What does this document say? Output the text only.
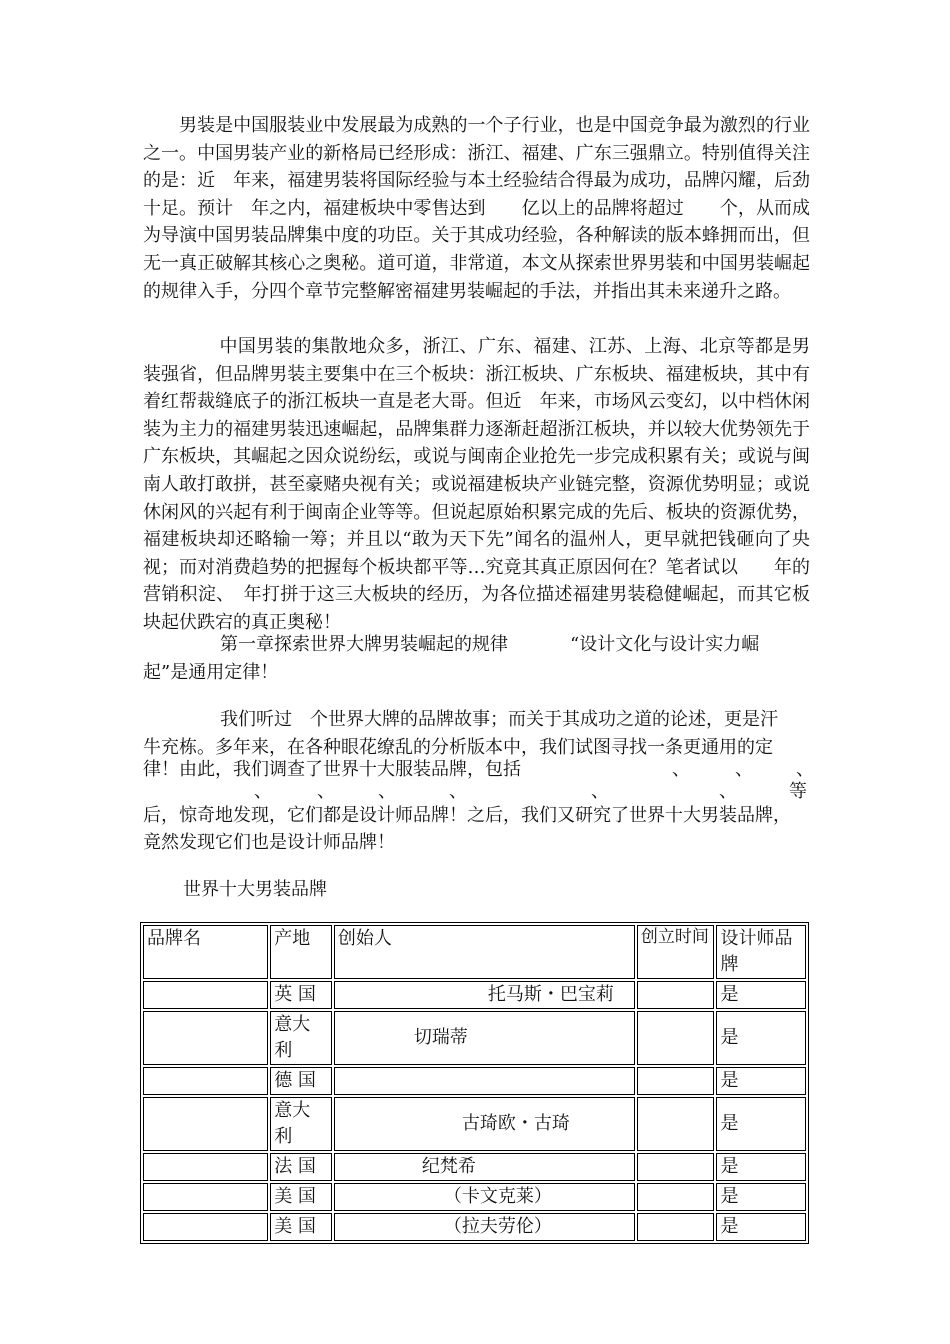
男装是中国服装业中发展最为成熟的一个子行业，也是中国竞争最为激烈的行业之一。中国男装产业的新格局已经形成：浙江、福建、广东三强鼎立。特别值得关注的是：近　年来，福建男装将国际经验与本土经验结合得最为成功，品牌闪耀，后劲十足。预计　年之内，福建板块中零售达到　　亿以上的品牌将超过　　个，从而成为导演中国男装品牌集中度的功臣。关于其成功经验，各种解读的版本蜂拥而出，但无一真正破解其核心之奥秘。道可道，非常道，本文从探索世界男装和中国男装崛起的规律入手，分四个章节完整解密福建男装崛起的手法，并指出其未来递升之路。

中国男装的集散地众多，浙江、广东、福建、江苏、上海、北京等都是男装强省，但品牌男装主要集中在三个板块：浙江板块、广东板块、福建板块，其中有着红帮裁缝底子的浙江板块一直是老大哥。但近　年来，市场风云变幻，以中档休闲装为主力的福建男装迅速崛起，品牌集群力逐渐赶超浙江板块，并以较大优势领先于广东板块，其崛起之因众说纷纭，或说与闽南企业抢先一步完成积累有关；或说与闽南人敢打敢拼，甚至豪赌央视有关；或说福建板块产业链完整，资源优势明显；或说休闲风的兴起有利于闽南企业等等。但说起原始积累完成的先后、板块的资源优势，福建板块却还略输一筹；并且以“敢为天下先”闻名的温州人，更早就把钱砸向了央视；而对消费趋势的把握每个板块都平等…究竟其真正原因何在？笔者试以　　年的营销积淀、　年打拼于这三大板块的经历，为各位描述福建男装稳健崛起，而其它板块起伏跌宕的真正奥秘！

第一章探索世界大牌男装崛起的规律	“设计文化与设计实力崛

起”是通用定律！

我们听过　个世界大牌的品牌故事；而关于其成功之道的论述，更是汗

牛充栋。多年来，在各种眼花缭乱的分析版本中，我们试图寻找一条更通用的定

律！由此，我们调查了世界十大服装品牌，包括	、	、 、
、	、 、	、	、	、	等

后，惊奇地发现，它们都是设计师品牌！之后，我们又研究了世界十大男装品牌，

竟然发现它们也是设计师品牌！

世界十大男装品牌

品牌名	产地	创始人	创立时间	设计师品牌
	英 国	托马斯・巴宝莉		是
	意大利	切瑞蒂		是
	德 国			是
	意大利	古琦欧・古琦		是
	法 国	纪梵希		是
	美 国	（卡文克莱）		是
	美 国	（拉夫劳伦）		是
